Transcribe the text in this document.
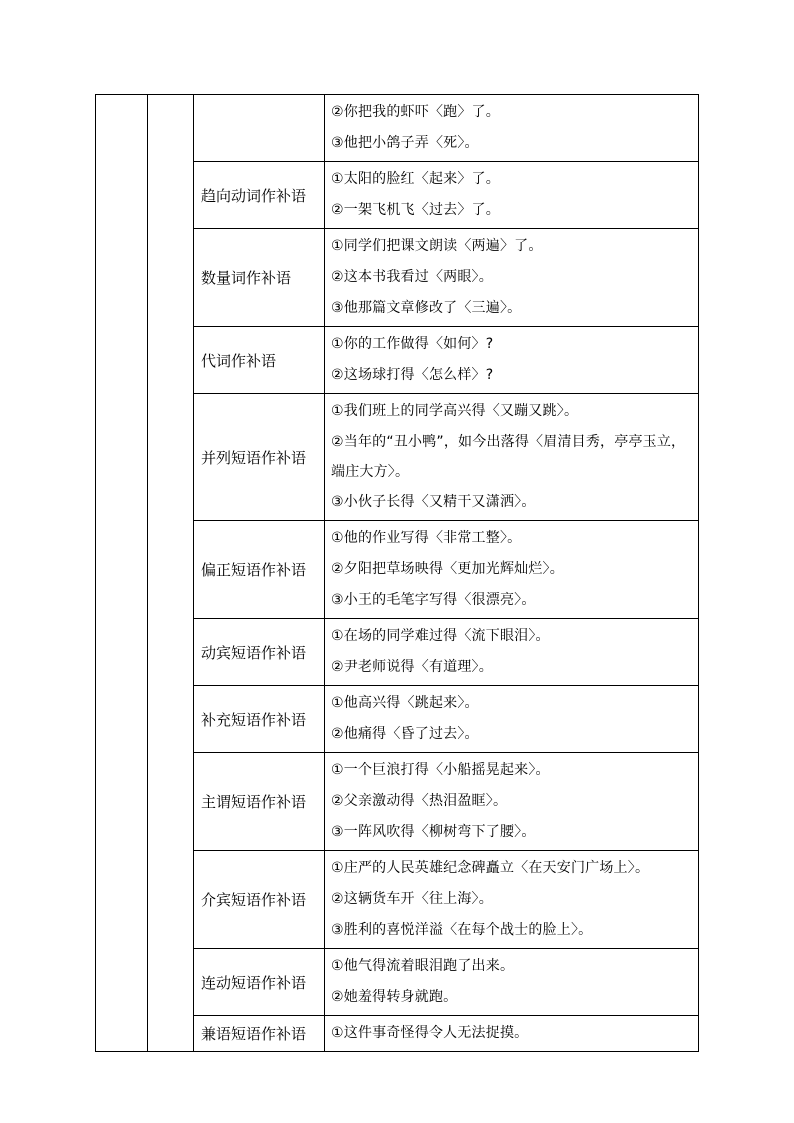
			②你把我的虾吓〈跑〉了。
③他把小鸽子弄〈死〉。

		趋向动词作补语	①太阳的脸红〈起来〉了。
②一架飞机飞〈过去〉了。

		数量词作补语	①同学们把课文朗读〈两遍〉了。
②这本书我看过〈两眼〉。
③他那篇文章修改了〈三遍〉。

		代词作补语	①你的工作做得〈如何〉?
②这场球打得〈怎么样〉?

		并列短语作补语	①我们班上的同学高兴得〈又蹦又跳〉。
②当年的“丑小鸭”，如今出落得〈眉清目秀，亭亭玉立，端庄大方〉。
③小伙子长得〈又精干又潇洒〉。

		偏正短语作补语	①他的作业写得〈非常工整〉。
②夕阳把草场映得〈更加光辉灿烂〉。
③小王的毛笔字写得〈很漂亮〉。

		动宾短语作补语	①在场的同学难过得〈流下眼泪〉。
②尹老师说得〈有道理〉。

		补充短语作补语	①他高兴得〈跳起来〉。
②他痛得〈昏了过去〉。

		主谓短语作补语	①一个巨浪打得〈小船摇晃起来〉。
②父亲激动得〈热泪盈眶〉。
③一阵风吹得〈柳树弯下了腰〉。

		介宾短语作补语	①庄严的人民英雄纪念碑矗立〈在天安门广场上〉。
②这辆货车开〈往上海〉。
③胜利的喜悦洋溢〈在每个战士的脸上〉。

		连动短语作补语	①他气得流着眼泪跑了出来。
②她羞得转身就跑。

		兼语短语作补语	①这件事奇怪得令人无法捉摸。
